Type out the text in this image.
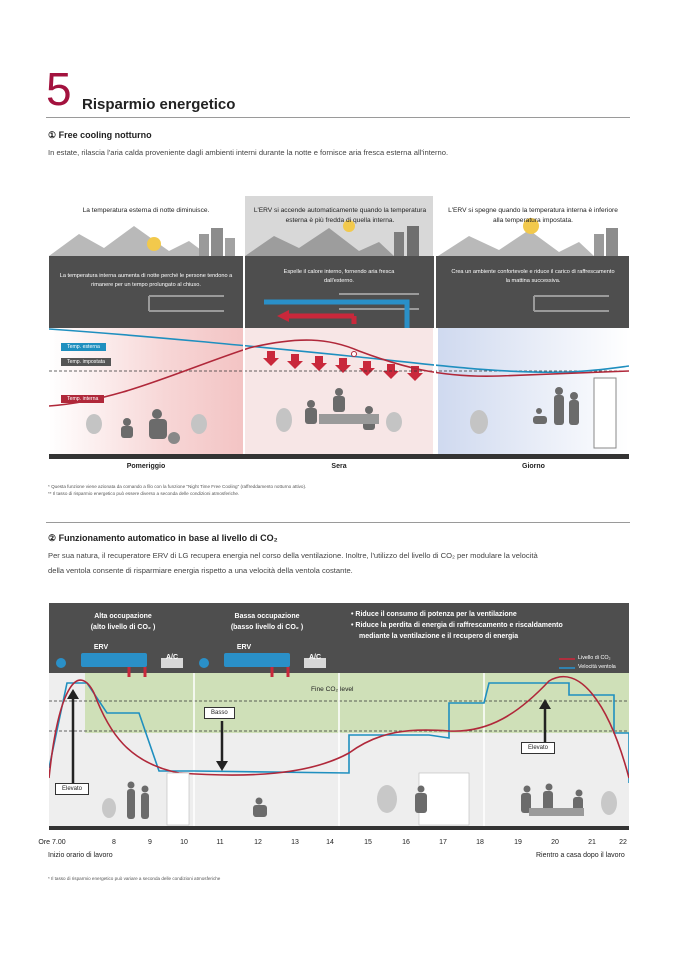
5 Risparmio energetico
① Free cooling notturno
In estate, rilascia l'aria calda proveniente dagli ambienti interni durante la notte e fornisce aria fresca esterna all'interno.
La temperatura esterna di notte diminuisce.	L'ERV si accende automaticamente quando la temperatura esterna è più fredda di quella interna.
L'ERV si spegne quando la temperatura interna è inferiore alla temperatura impostata.
La temperatura interna aumenta di notte perché le persone tendono a rimanere per un tempo prolungato al chiuso.
Espelle il calore interno, fornendo aria fresca dall'esterno.
Crea un ambiente confortevole e riduce il carico di raffrescamento la mattina successiva.
Temp. esterna
Temp. impostata
Temp. interna
Pomeriggio	Sera	Giorno
* Questa funzione viene azionata da comando a filo con la funzione "Night Time Free Cooling" (raffreddamento notturno attivo).
** Il tasso di risparmio energetico può essere diverso a seconda delle condizioni atmosferiche.
② Funzionamento automatico in base al livello di CO₂
Per sua natura, il recuperatore ERV di LG recupera energia nel corso della ventilazione. Inoltre, l'utilizzo del livello di CO₂ per modulare la velocità
della ventola consente di risparmiare energia rispetto a una velocità della ventola costante.
Alta occupazione
(alto livello di CO₂ )
Bassa occupazione
(basso livello di CO₂ )
• Riduce il consumo di potenza per la ventilazione
• Riduce la perdita di energia di raffrescamento e riscaldamento
mediante la ventilazione e il recupero di energia
ERV
A/C
ERV
A/C	Livello di CO₂
Velocità ventola
Fine CO₂ level
Basso
Elevato
Elevato
Ore 7.00	8	9	10	11	12	13	14	15	16	17	18	19	20	21	22
Inizio orario di lavoro	Rientro a casa dopo il lavoro
* Il tasso di risparmio energetico può variare a seconda delle condizioni atmosferiche
